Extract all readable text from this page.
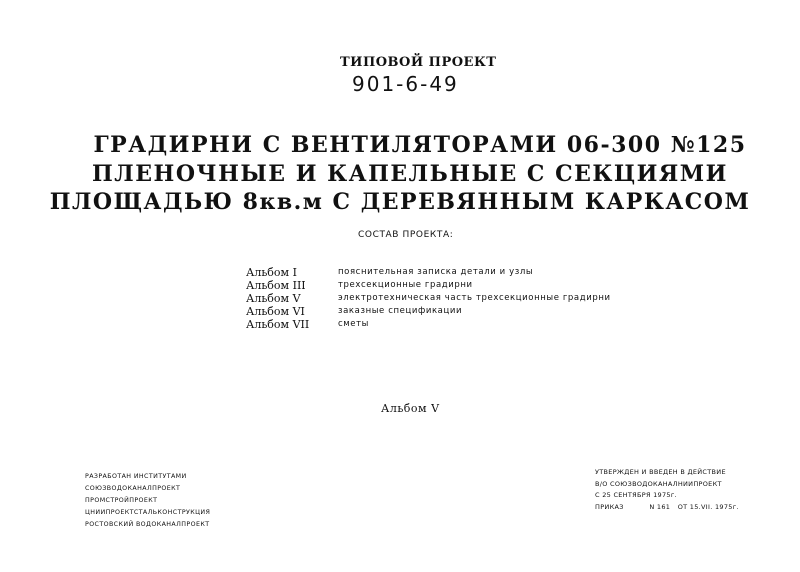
ТИПОВОЙ ПРОЕКТ
901-6-49
ГРАДИРНИ С ВЕНТИЛЯТОРАМИ 06-300 №125
ПЛЕНОЧНЫЕ И КАПЕЛЬНЫЕ С СЕКЦИЯМИ
ПЛОЩАДЬЮ 8кв.м С ДЕРЕВЯННЫМ КАРКАСОМ
СОСТАВ ПРОЕКТА:
Альбом I	пояснительная записка детали и узлы
Альбом III	трехсекционные градирни
Альбом V	электротехническая часть трехсекционные градирни
Альбом VI	заказные спецификации
Альбом VII	сметы
Альбом V
РАЗРАБОТАН ИНСТИТУТАМИ
СОЮЗВОДОКАНАЛПРОЕКТ
ПРОМСТРОЙПРОЕКТ
ЦНИИПРОЕКТСТАЛЬКОНСТРУКЦИЯ
РОСТОВСКИЙ ВОДОКАНАЛПРОЕКТ
УТВЕРЖДЕН И ВВЕДЕН В ДЕЙСТВИЕ
В/О СОЮЗВОДОКАНАЛНИИПРОЕКТ
С 25 СЕНТЯБРЯ 1975г.
ПРИКАЗ	N 161 ОТ 15.VII. 1975г.
